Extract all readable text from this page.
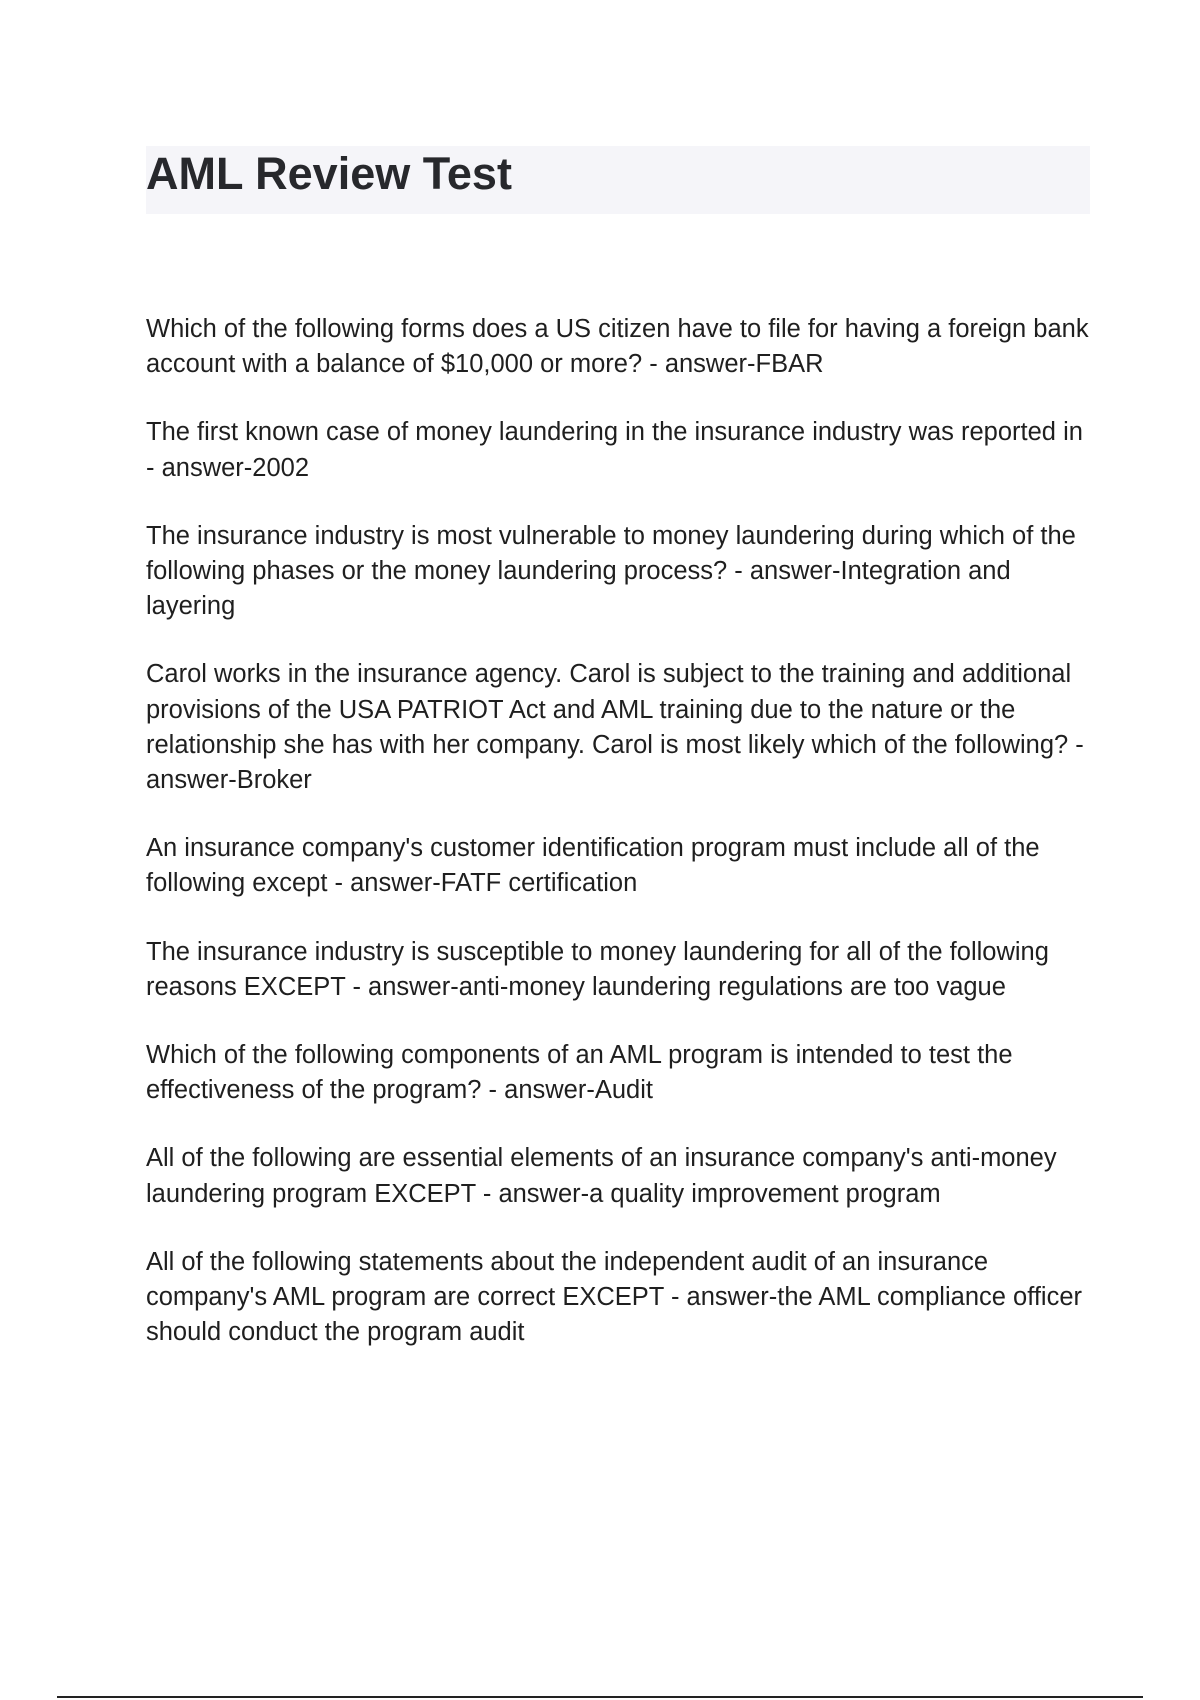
AML Review Test

Which of the following forms does a US citizen have to file for having a foreign bank account with a balance of $10,000 or more? - answer-FBAR

The first known case of money laundering in the insurance industry was reported in - answer-2002

The insurance industry is most vulnerable to money laundering during which of the following phases or the money laundering process? - answer-Integration and layering

Carol works in the insurance agency. Carol is subject to the training and additional provisions of the USA PATRIOT Act and AML training due to the nature or the relationship she has with her company. Carol is most likely which of the following? - answer-Broker

An insurance company's customer identification program must include all of the following except - answer-FATF certification

The insurance industry is susceptible to money laundering for all of the following reasons EXCEPT - answer-anti-money laundering regulations are too vague

Which of the following components of an AML program is intended to test the effectiveness of the program? - answer-Audit

All of the following are essential elements of an insurance company's anti-money laundering program EXCEPT - answer-a quality improvement program

All of the following statements about the independent audit of an insurance company's AML program are correct EXCEPT - answer-the AML compliance officer should conduct the program audit
